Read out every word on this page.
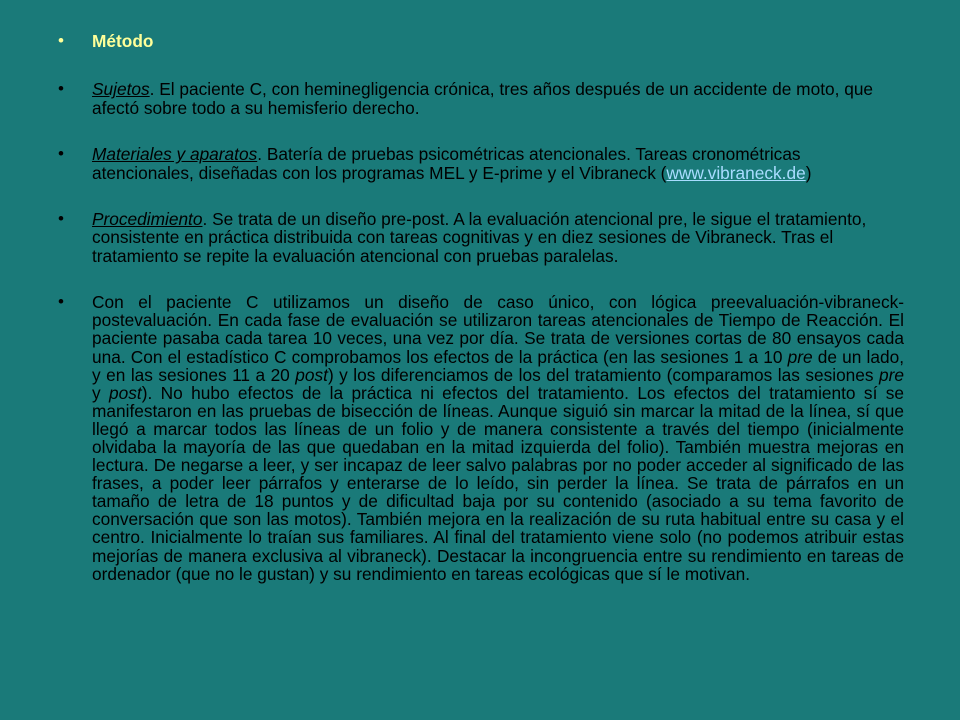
• Método
• Sujetos. El paciente C, con heminegligencia crónica, tres años después de un accidente de moto, que afectó sobre todo a su hemisferio derecho.
• Materiales y aparatos. Batería de pruebas psicométricas atencionales. Tareas cronométricas atencionales, diseñadas con los programas MEL y E-prime y el Vibraneck (www.vibraneck.de)
• Procedimiento. Se trata de un diseño pre-post. A la evaluación atencional pre, le sigue el tratamiento, consistente en práctica distribuida con tareas cognitivas y en diez sesiones de Vibraneck. Tras el tratamiento se repite la evaluación atencional con pruebas paralelas.
• Con el paciente C utilizamos un diseño de caso único, con lógica preevaluación-vibraneck-postevaluación. En cada fase de evaluación se utilizaron tareas atencionales de Tiempo de Reacción. El paciente pasaba cada tarea 10 veces, una vez por día. Se trata de versiones cortas de 80 ensayos cada una. Con el estadístico C comprobamos los efectos de la práctica (en las sesiones 1 a 10 pre de un lado, y en las sesiones 11 a 20 post) y los diferenciamos de los del tratamiento (comparamos las sesiones pre y post). No hubo efectos de la práctica ni efectos del tratamiento. Los efectos del tratamiento sí se manifestaron en las pruebas de bisección de líneas. Aunque siguió sin marcar la mitad de la línea, sí que llegó a marcar todos las líneas de un folio y de manera consistente a través del tiempo (inicialmente olvidaba la mayoría de las que quedaban en la mitad izquierda del folio). También muestra mejoras en lectura. De negarse a leer, y ser incapaz de leer salvo palabras por no poder acceder al significado de las frases, a poder leer párrafos y enterarse de lo leído, sin perder la línea. Se trata de párrafos en un tamaño de letra de 18 puntos y de dificultad baja por su contenido (asociado a su tema favorito de conversación que son las motos). También mejora en la realización de su ruta habitual entre su casa y el centro. Inicialmente lo traían sus familiares. Al final del tratamiento viene solo (no podemos atribuir estas mejorías de manera exclusiva al vibraneck). Destacar la incongruencia entre su rendimiento en tareas de ordenador (que no le gustan) y su rendimiento en tareas ecológicas que sí le motivan.
